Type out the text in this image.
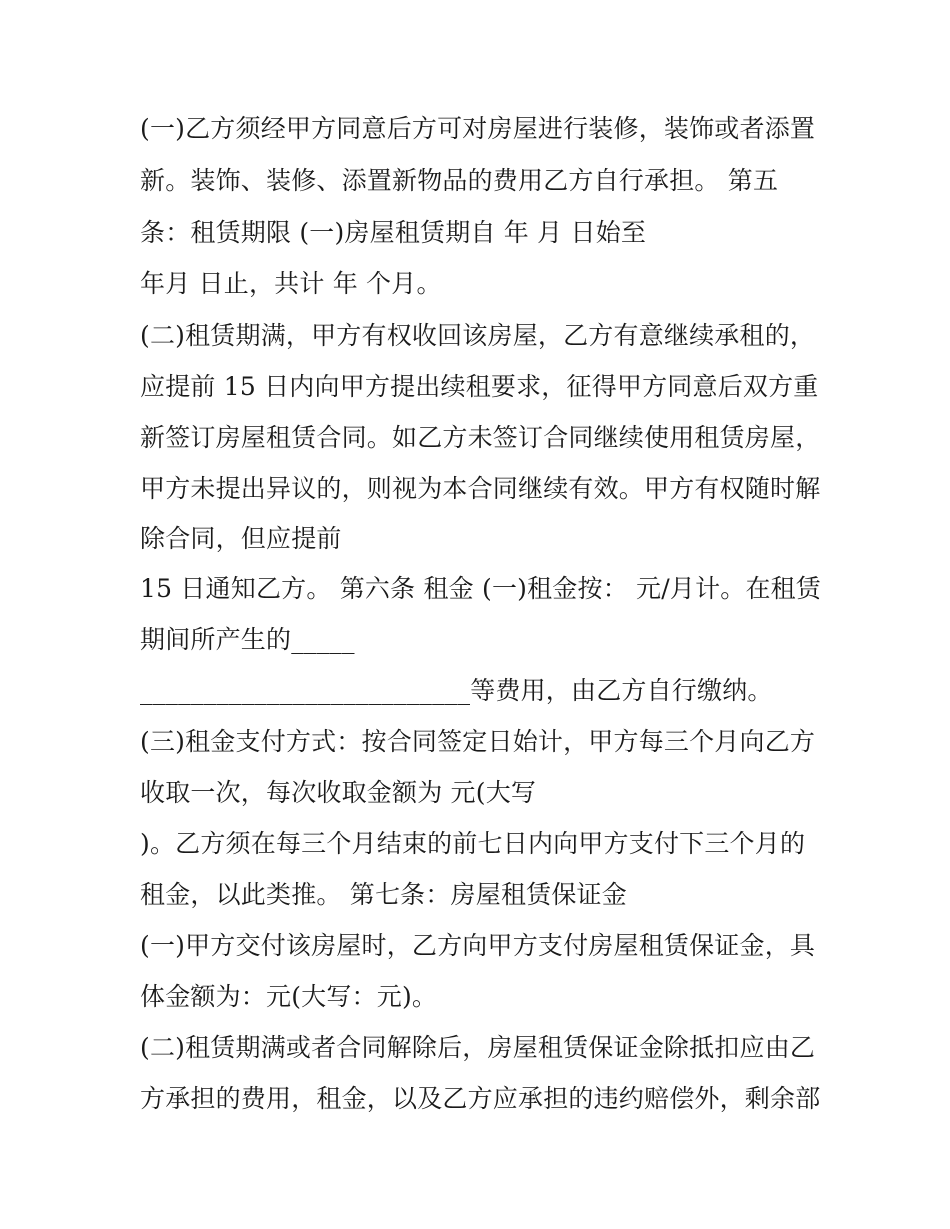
(一)乙方须经甲方同意后方可对房屋进行装修，装饰或者添置
新。装饰、装修、添置新物品的费用乙方自行承担。 第五
条：租赁期限 (一)房屋租赁期自 年 月 日始至
年月 日止，共计 年 个月。
(二)租赁期满，甲方有权收回该房屋，乙方有意继续承租的，
应提前 15 日内向甲方提出续租要求，征得甲方同意后双方重
新签订房屋租赁合同。如乙方未签订合同继续使用租赁房屋，
甲方未提出异议的，则视为本合同继续有效。甲方有权随时解
除合同，但应提前
15 日通知乙方。 第六条 租金 (一)租金按： 元/月计。在租赁
期间所产生的_____
__________________________等费用，由乙方自行缴纳。
(三)租金支付方式：按合同签定日始计，甲方每三个月向乙方
收取一次，每次收取金额为 元(大写
)。乙方须在每三个月结束的前七日内向甲方支付下三个月的
租金，以此类推。 第七条：房屋租赁保证金
(一)甲方交付该房屋时，乙方向甲方支付房屋租赁保证金，具
体金额为：元(大写：元)。
(二)租赁期满或者合同解除后，房屋租赁保证金除抵扣应由乙
方承担的费用，租金，以及乙方应承担的违约赔偿外，剩余部
